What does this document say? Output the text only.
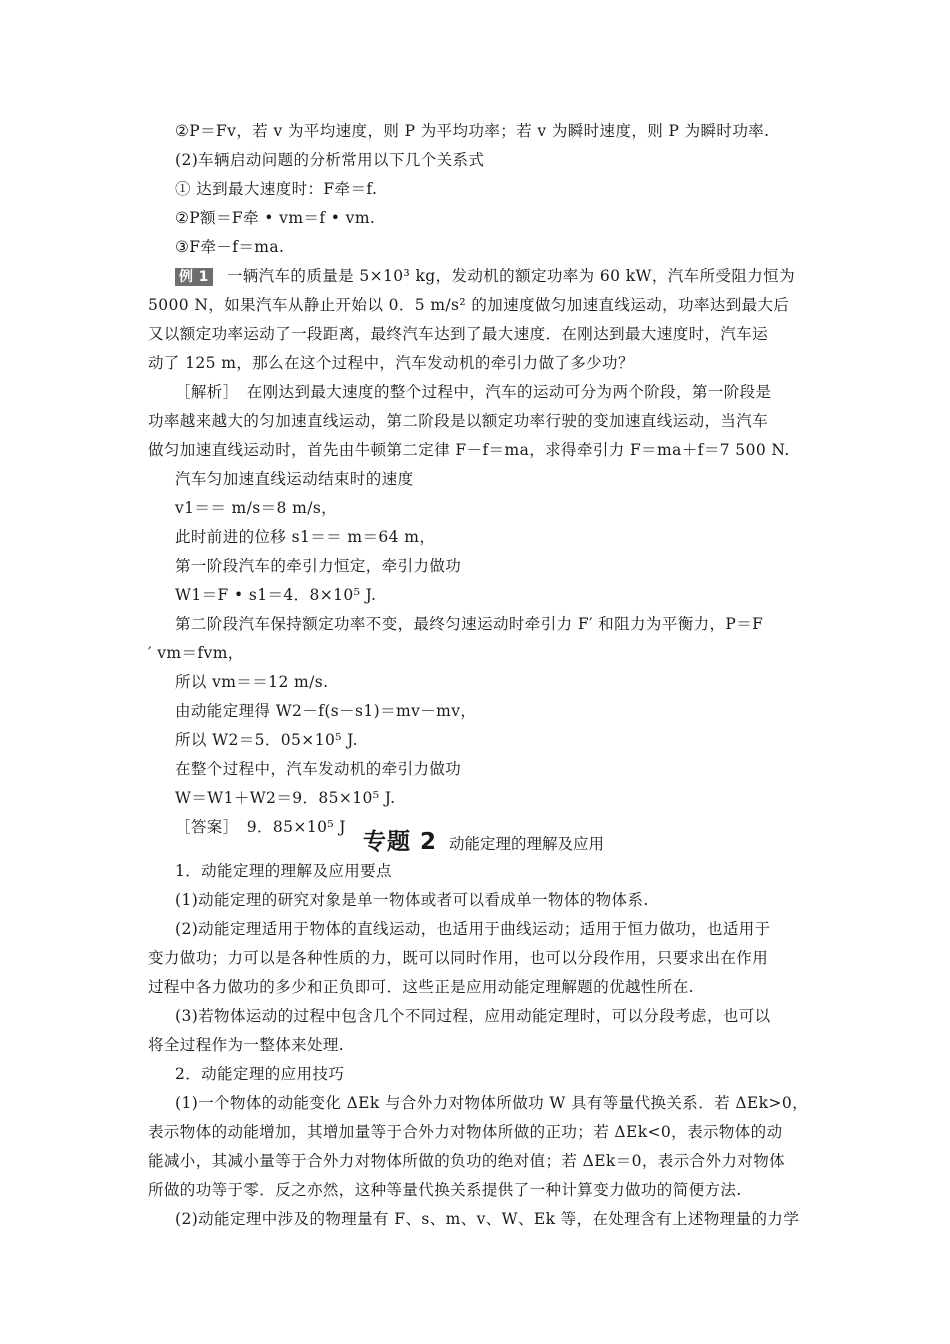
②P＝Fv，若 v 为平均速度，则 P 为平均功率；若 v 为瞬时速度，则 P 为瞬时功率.
(2)车辆启动问题的分析常用以下几个关系式
① 达到最大速度时：F牵＝f.
②P额＝F牵 • vm＝f • vm.
③F牵－f＝ma.
例 1 一辆汽车的质量是 5×10³ kg，发动机的额定功率为 60 kW，汽车所受阻力恒为
5000 N，如果汽车从静止开始以 0．5 m/s² 的加速度做匀加速直线运动，功率达到最大后
又以额定功率运动了一段距离，最终汽车达到了最大速度．在刚达到最大速度时，汽车运
动了 125 m，那么在这个过程中，汽车发动机的牵引力做了多少功？
［解析］　在刚达到最大速度的整个过程中，汽车的运动可分为两个阶段，第一阶段是
功率越来越大的匀加速直线运动，第二阶段是以额定功率行驶的变加速直线运动，当汽车
做匀加速直线运动时，首先由牛顿第二定律 F－f＝ma，求得牵引力 F＝ma＋f＝7 500 N.
汽车匀加速直线运动结束时的速度
v1＝＝ m/s＝8 m/s，
此时前进的位移 s1＝＝ m＝64 m，
第一阶段汽车的牵引力恒定，牵引力做功
W1＝F • s1＝4．8×10⁵ J.
第二阶段汽车保持额定功率不变，最终匀速运动时牵引力 F′ 和阻力为平衡力，P＝F
′ vm＝fvm，
所以 vm＝＝12 m/s.
由动能定理得 W2－f(s－s1)＝mv－mv，
所以 W2＝5．05×10⁵ J.
在整个过程中，汽车发动机的牵引力做功
W＝W1＋W2＝9．85×10⁵ J.
［答案］　9．85×10⁵ J
专题 2 动能定理的理解及应用
1．动能定理的理解及应用要点
(1)动能定理的研究对象是单一物体或者可以看成单一物体的物体系.
(2)动能定理适用于物体的直线运动，也适用于曲线运动；适用于恒力做功，也适用于
变力做功；力可以是各种性质的力，既可以同时作用，也可以分段作用，只要求出在作用
过程中各力做功的多少和正负即可．这些正是应用动能定理解题的优越性所在.
(3)若物体运动的过程中包含几个不同过程，应用动能定理时，可以分段考虑，也可以
将全过程作为一整体来处理.
2．动能定理的应用技巧
(1)一个物体的动能变化 ΔEk 与合外力对物体所做功 W 具有等量代换关系．若 ΔEk>0，
表示物体的动能增加，其增加量等于合外力对物体所做的正功；若 ΔEk<0，表示物体的动
能减小，其减小量等于合外力对物体所做的负功的绝对值；若 ΔEk＝0，表示合外力对物体
所做的功等于零．反之亦然，这种等量代换关系提供了一种计算变力做功的简便方法.
(2)动能定理中涉及的物理量有 F、s、m、v、W、Ek 等，在处理含有上述物理量的力学
